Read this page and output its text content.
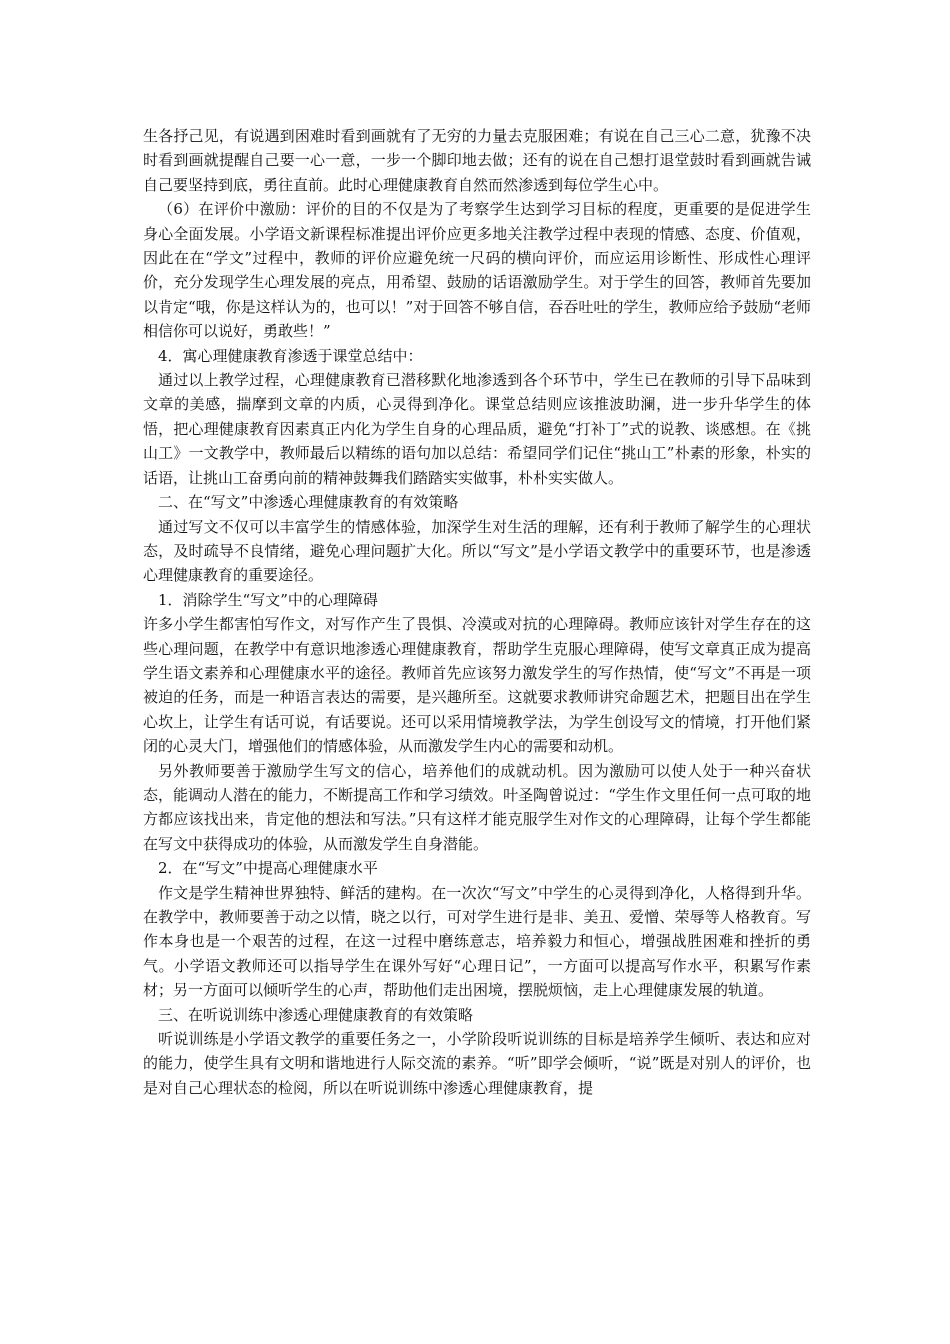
生各抒己见，有说遇到困难时看到画就有了无穷的力量去克服困难；有说在自己三心二意，犹豫不决时看到画就提醒自己要一心一意，一步一个脚印地去做；还有的说在自己想打退堂鼓时看到画就告诫自己要坚持到底，勇往直前。此时心理健康教育自然而然渗透到每位学生心中。

（6）在评价中激励：评价的目的不仅是为了考察学生达到学习目标的程度，更重要的是促进学生身心全面发展。小学语文新课程标准提出评价应更多地关注教学过程中表现的情感、态度、价值观，因此在在“学文”过程中，教师的评价应避免统一尺码的横向评价，而应运用诊断性、形成性心理评价，充分发现学生心理发展的亮点，用希望、鼓励的话语激励学生。对于学生的回答，教师首先要加以肯定“哦，你是这样认为的，也可以！”对于回答不够自信，吞吞吐吐的学生，教师应给予鼓励“老师相信你可以说好，勇敢些！”

4．寓心理健康教育渗透于课堂总结中：

通过以上教学过程，心理健康教育已潜移默化地渗透到各个环节中，学生已在教师的引导下品味到文章的美感，揣摩到文章的内质，心灵得到净化。课堂总结则应该推波助澜，进一步升华学生的体悟，把心理健康教育因素真正内化为学生自身的心理品质，避免“打补丁”式的说教、谈感想。在《挑山工》一文教学中，教师最后以精练的语句加以总结：希望同学们记住“挑山工”朴素的形象，朴实的话语，让挑山工奋勇向前的精神鼓舞我们踏踏实实做事，朴朴实实做人。

二、在“写文”中渗透心理健康教育的有效策略

通过写文不仅可以丰富学生的情感体验，加深学生对生活的理解，还有利于教师了解学生的心理状态，及时疏导不良情绪，避免心理问题扩大化。所以“写文”是小学语文教学中的重要环节，也是渗透心理健康教育的重要途径。

1．消除学生“写文”中的心理障碍

许多小学生都害怕写作文，对写作产生了畏惧、冷漠或对抗的心理障碍。教师应该针对学生存在的这些心理问题，在教学中有意识地渗透心理健康教育，帮助学生克服心理障碍，使写文章真正成为提高学生语文素养和心理健康水平的途径。教师首先应该努力激发学生的写作热情，使“写文”不再是一项被迫的任务，而是一种语言表达的需要，是兴趣所至。这就要求教师讲究命题艺术，把题目出在学生心坎上，让学生有话可说，有话要说。还可以采用情境教学法，为学生创设写文的情境，打开他们紧闭的心灵大门，增强他们的情感体验，从而激发学生内心的需要和动机。

另外教师要善于激励学生写文的信心，培养他们的成就动机。因为激励可以使人处于一种兴奋状态，能调动人潜在的能力，不断提高工作和学习绩效。叶圣陶曾说过：“学生作文里任何一点可取的地方都应该找出来，肯定他的想法和写法。”只有这样才能克服学生对作文的心理障碍，让每个学生都能在写文中获得成功的体验，从而激发学生自身潜能。

2．在“写文”中提高心理健康水平

作文是学生精神世界独特、鲜活的建构。在一次次“写文”中学生的心灵得到净化，人格得到升华。在教学中，教师要善于动之以情，晓之以行，可对学生进行是非、美丑、爱憎、荣辱等人格教育。写作本身也是一个艰苦的过程，在这一过程中磨练意志，培养毅力和恒心，增强战胜困难和挫折的勇气。小学语文教师还可以指导学生在课外写好“心理日记”，一方面可以提高写作水平，积累写作素材；另一方面可以倾听学生的心声，帮助他们走出困境，摆脱烦恼，走上心理健康发展的轨道。

三、在听说训练中渗透心理健康教育的有效策略

听说训练是小学语文教学的重要任务之一，小学阶段听说训练的目标是培养学生倾听、表达和应对的能力，使学生具有文明和谐地进行人际交流的素养。“听”即学会倾听，“说”既是对别人的评价，也是对自己心理状态的检阅，所以在听说训练中渗透心理健康教育，提
